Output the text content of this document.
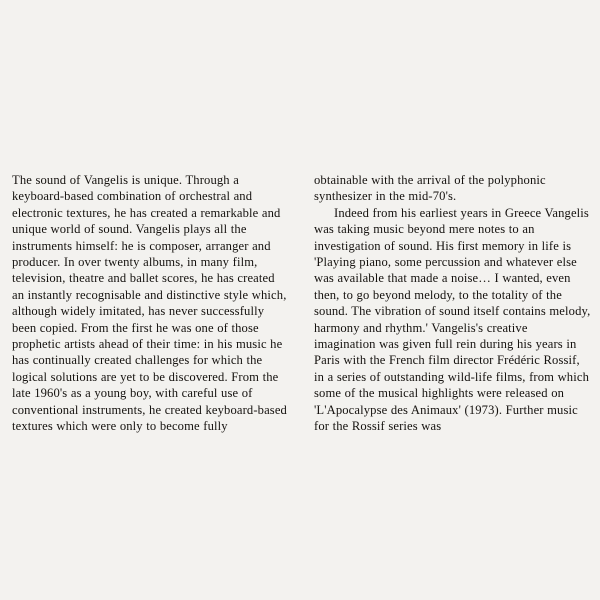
The sound of Vangelis is unique. Through a keyboard-based combination of orchestral and electronic textures, he has created a remarkable and unique world of sound. Vangelis plays all the instruments himself: he is composer, arranger and producer. In over twenty albums, in many film, television, theatre and ballet scores, he has created an instantly recognisable and distinctive style which, although widely imitated, has never successfully been copied. From the first he was one of those prophetic artists ahead of their time: in his music he has continually created challenges for which the logical solutions are yet to be discovered. From the late 1960's as a young boy, with careful use of conventional instruments, he created keyboard-based textures which were only to become fully

obtainable with the arrival of the polyphonic synthesizer in the mid-70's.

Indeed from his earliest years in Greece Vangelis was taking music beyond mere notes to an investigation of sound. His first memory in life is 'Playing piano, some percussion and whatever else was available that made a noise… I wanted, even then, to go beyond melody, to the totality of the sound. The vibration of sound itself contains melody, harmony and rhythm.' Vangelis's creative imagination was given full rein during his years in Paris with the French film director Frédéric Rossif, in a series of outstanding wild-life films, from which some of the musical highlights were released on 'L'Apocalypse des Animaux' (1973). Further music for the Rossif series was
